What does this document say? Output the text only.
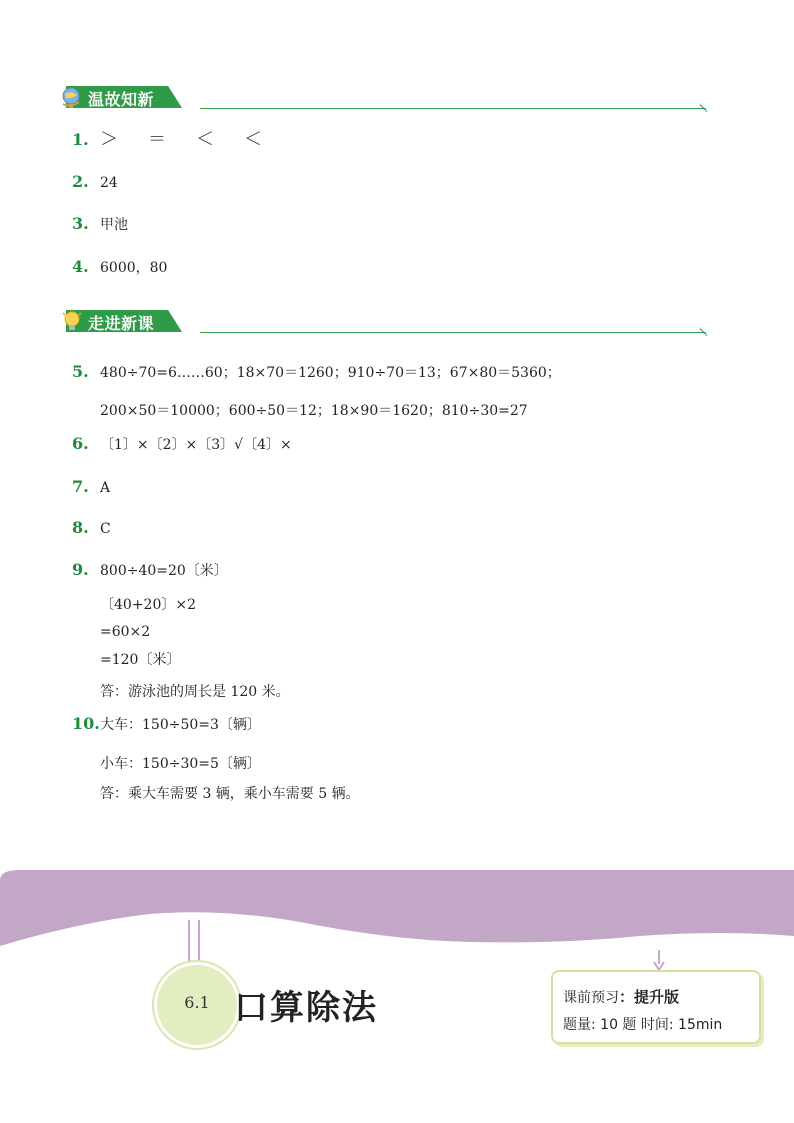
温故知新
1. ＞ ＝ ＜ ＜
2. 24
3. 甲池
4. 6000，80
走进新课
5. 480÷70=6……60；18×70＝1260；910÷70＝13；67×80＝5360；
200×50＝10000；600÷50＝12；18×90＝1620；810÷30=27
6. 〔1〕×〔2〕×〔3〕√〔4〕×
7. A
8. C
9. 800÷40=20〔米〕
〔40+20〕×2
=60×2
=120〔米〕
答：游泳池的周长是 120 米。
10.大车：150÷50=3〔辆〕
小车：150÷30=5〔辆〕
答：乘大车需要 3 辆，乘小车需要 5 辆。
6.1 口算除法	课前预习：提升版
题量: 10 题 时间: 15min
